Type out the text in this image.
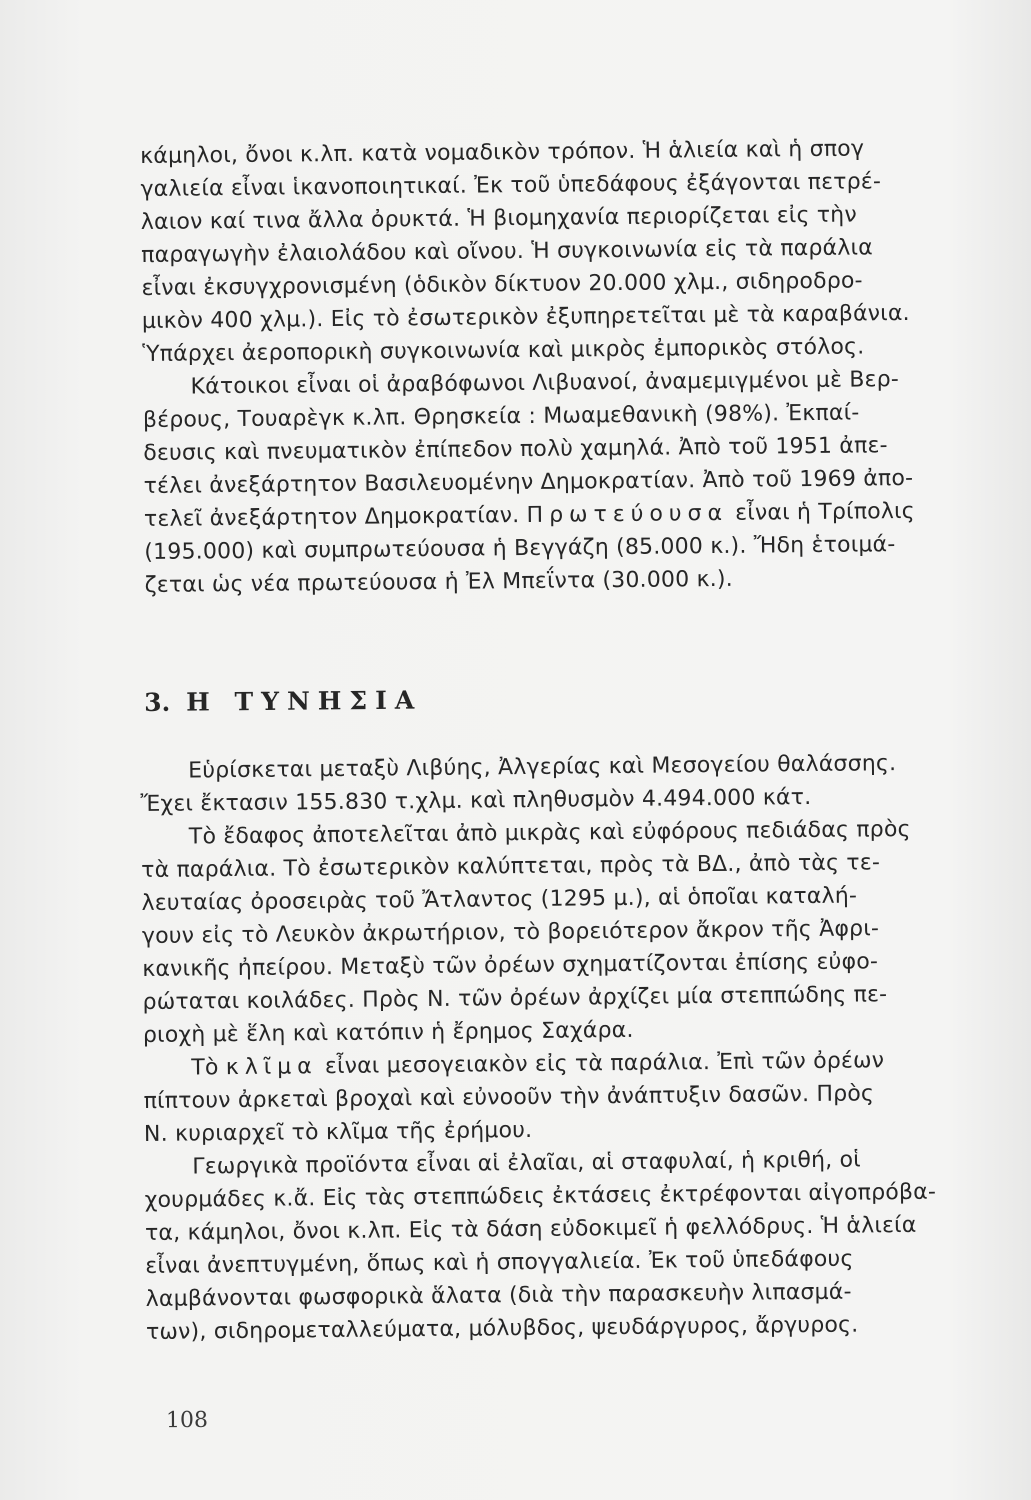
κάμηλοι, ὄνοι κ.λπ. κατὰ νομαδικὸν τρόπον. Ἡ ἁλιεία καὶ ἡ σπογ
γαλιεία εἶναι ἱκανοποιητικαί. Ἐκ τοῦ ὑπεδάφους ἐξάγονται πετρέ-
λαιον καί τινα ἄλλα ὀρυκτά. Ἡ βιομηχανία περιορίζεται εἰς τὴν
παραγωγὴν ἐλαιολάδου καὶ οἴνου. Ἡ συγκοινωνία εἰς τὰ παράλια
εἶναι ἐκσυγχρονισμένη (ὁδικὸν δίκτυον 20.000 χλμ., σιδηροδρο-
μικὸν 400 χλμ.). Εἰς τὸ ἐσωτερικὸν ἐξυπηρετεῖται μὲ τὰ καραβάνια.
Ὑπάρχει ἀεροπορικὴ συγκοινωνία καὶ μικρὸς ἐμπορικὸς στόλος.
Κάτοικοι εἶναι οἱ ἀραβόφωνοι Λιβυανοί, ἀναμεμιγμένοι μὲ Βερ-
βέρους, Τουαρὲγκ κ.λπ. Θρησκεία : Μωαμεθανικὴ (98%). Ἐκπαί-
δευσις καὶ πνευματικὸν ἐπίπεδον πολὺ χαμηλά. Ἀπὸ τοῦ 1951 ἀπε-
τέλει ἀνεξάρτητον Βασιλευομένην Δημοκρατίαν. Ἀπὸ τοῦ 1969 ἀπο-
τελεῖ ἀνεξάρτητον Δημοκρατίαν. Πρωτεύουσα εἶναι ἡ Τρίπολις
(195.000) καὶ συμπρωτεύουσα ἡ Βεγγάζη (85.000 κ.). Ἤδη ἑτοιμά-
ζεται ὡς νέα πρωτεύουσα ἡ Ἐλ Μπεΐντα (30.000 κ.).
3. Η ΤΥΝΗΣΙΑ
Εὑρίσκεται μεταξὺ Λιβύης, Ἀλγερίας καὶ Μεσογείου θαλάσσης.
Ἔχει ἔκτασιν 155.830 τ.χλμ. καὶ πληθυσμὸν 4.494.000 κάτ.
Τὸ ἔδαφος ἀποτελεῖται ἀπὸ μικρὰς καὶ εὐφόρους πεδιάδας πρὸς
τὰ παράλια. Τὸ ἐσωτερικὸν καλύπτεται, πρὸς τὰ ΒΔ., ἀπὸ τὰς τε-
λευταίας ὀροσειρὰς τοῦ Ἄτλαντος (1295 μ.), αἱ ὁποῖαι καταλή-
γουν εἰς τὸ Λευκὸν ἀκρωτήριον, τὸ βορειότερον ἄκρον τῆς Ἀφρι-
κανικῆς ἠπείρου. Μεταξὺ τῶν ὀρέων σχηματίζονται ἐπίσης εὐφο-
ρώταται κοιλάδες. Πρὸς Ν. τῶν ὀρέων ἀρχίζει μία στεππώδης πε-
ριοχὴ μὲ ἕλη καὶ κατόπιν ἡ ἔρημος Σαχάρα.
Τὸ κλῖμα εἶναι μεσογειακὸν εἰς τὰ παράλια. Ἐπὶ τῶν ὀρέων
πίπτουν ἀρκεταὶ βροχαὶ καὶ εὐνοοῦν τὴν ἀνάπτυξιν δασῶν. Πρὸς
Ν. κυριαρχεῖ τὸ κλῖμα τῆς ἐρήμου.
Γεωργικὰ προϊόντα εἶναι αἱ ἐλαῖαι, αἱ σταφυλαί, ἡ κριθή, οἱ
χουρμάδες κ.ἄ. Εἰς τὰς στεππώδεις ἐκτάσεις ἐκτρέφονται αἰγοπρόβα-
τα, κάμηλοι, ὄνοι κ.λπ. Εἰς τὰ δάση εὐδοκιμεῖ ἡ φελλόδρυς. Ἡ ἁλιεία
εἶναι ἀνεπτυγμένη, ὅπως καὶ ἡ σπογγαλιεία. Ἐκ τοῦ ὑπεδάφους
λαμβάνονται φωσφορικὰ ἅλατα (διὰ τὴν παρασκευὴν λιπασμά-
των), σιδηρομεταλλεύματα, μόλυβδος, ψευδάργυρος, ἄργυρος.
108
